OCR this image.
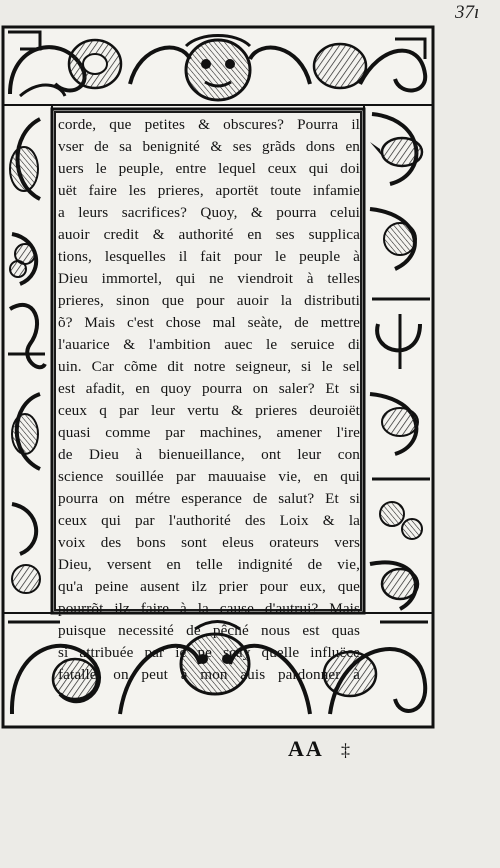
37ı
corde, que petites & obscures? Pourra il
vser de sa benignité & ses grãds dons en
uers le peuple, entre lequel ceux qui doi
uët faire les prieres, aportët toute infamie
a leurs sacrifices? Quoy, & pourra celui
auoir credit & authorité en ses supplica
tions, lesquelles il fait pour le peuple à
Dieu immortel, qui ne viendroit à telles
prieres, sinon que pour auoir la distributi
õ? Mais c'est chose mal seàte, de mettre
l'auarice & l'ambition auec le seruice di
uin. Car cõme dit notre seigneur, si le sel
est afadit, en quoy pourra on saler? Et si
ceux q par leur vertu & prieres deuroiët
quasi comme par machines, amener l'ire
de Dieu à bienueillance, ont leur con
science souillée par mauuaise vie, en qui
pourra on métre esperance de salut? Et si
ceux qui par l'authorité des Loix & la
voix des bons sont eleus orateurs vers
Dieu, versent en telle indignité de vie,
qu'a peine ausent ilz prier pour eux, que
pourrõt ilz faire à la cause d'autrui? Mais
puisque necessité de pêché nous est quas
si attribuée par ie ne sçay quelle influëce
fatalle, on peut à mon auis pardonner à
AA ‡
